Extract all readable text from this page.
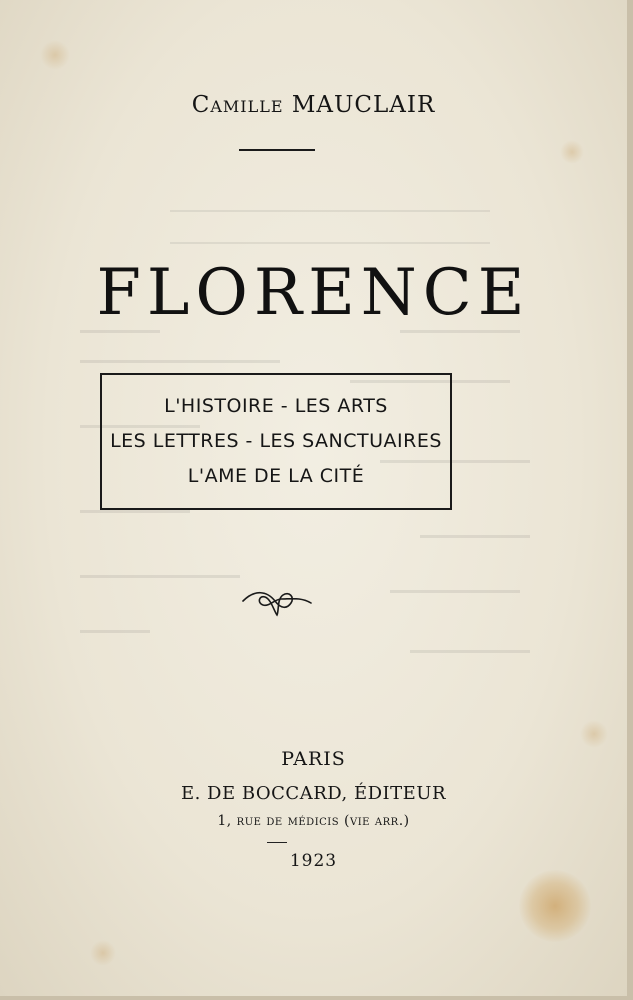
Camille MAUCLAIR
FLORENCE
L'HISTOIRE - LES ARTS
LES LETTRES - LES SANCTUAIRES
L'AME DE LA CITÉ
PARIS
E. DE BOCCARD, ÉDITEUR
1, rue de médicis (vie arr.)
1923
